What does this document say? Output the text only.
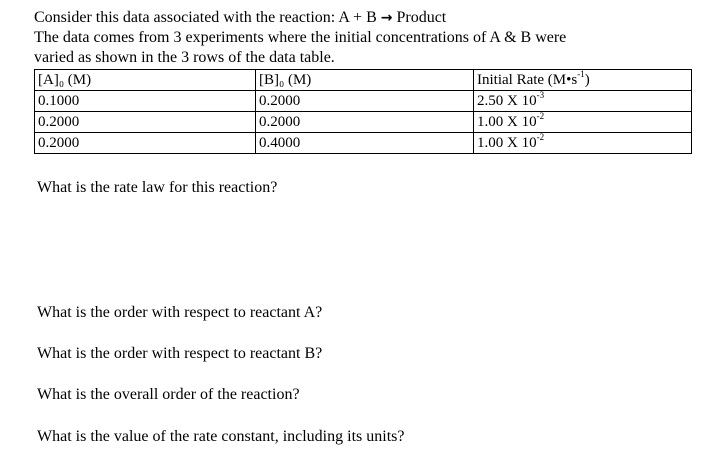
Consider this data associated with the reaction: A + B → Product

The data comes from 3 experiments where the initial concentrations of A & B were

varied as shown in the 3 rows of the data table.

[A]₀ (M)	[B]₀ (M)	Initial Rate $(M•s^{-1})$
0.1000	0.2000	2.50 X $10^{-3}$
0.2000	0.2000	1.00 X $10^{-2}$
0.2000	0.4000	1.00 X $10^{-2}$

What is the rate law for this reaction?

What is the order with respect to reactant A?

What is the order with respect to reactant B?

What is the overall order of the reaction?

What is the value of the rate constant, including its units?
